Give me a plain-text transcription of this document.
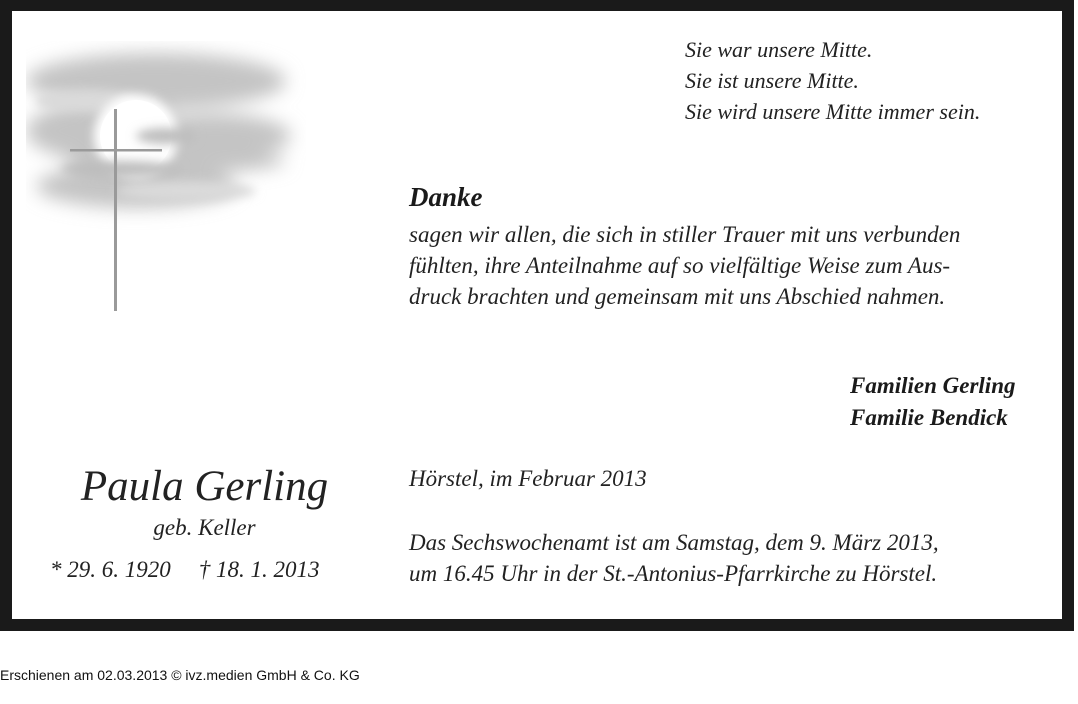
Sie war unsere Mitte.
Sie ist unsere Mitte.
Sie wird unsere Mitte immer sein.
Danke
sagen wir allen, die sich in stiller Trauer mit uns verbunden
fühlten, ihre Anteilnahme auf so vielfältige Weise zum Aus-
druck brachten und gemeinsam mit uns Abschied nahmen.
Familien Gerling
Familie Bendick
Hörstel, im Februar 2013
Das Sechswochenamt ist am Samstag, dem 9. März 2013,
um 16.45 Uhr in der St.-Antonius-Pfarrkirche zu Hörstel.
Paula Gerling
geb. Keller
* 29. 6. 1920 † 18. 1. 2013
Erschienen am 02.03.2013 © ivz.medien GmbH & Co. KG
